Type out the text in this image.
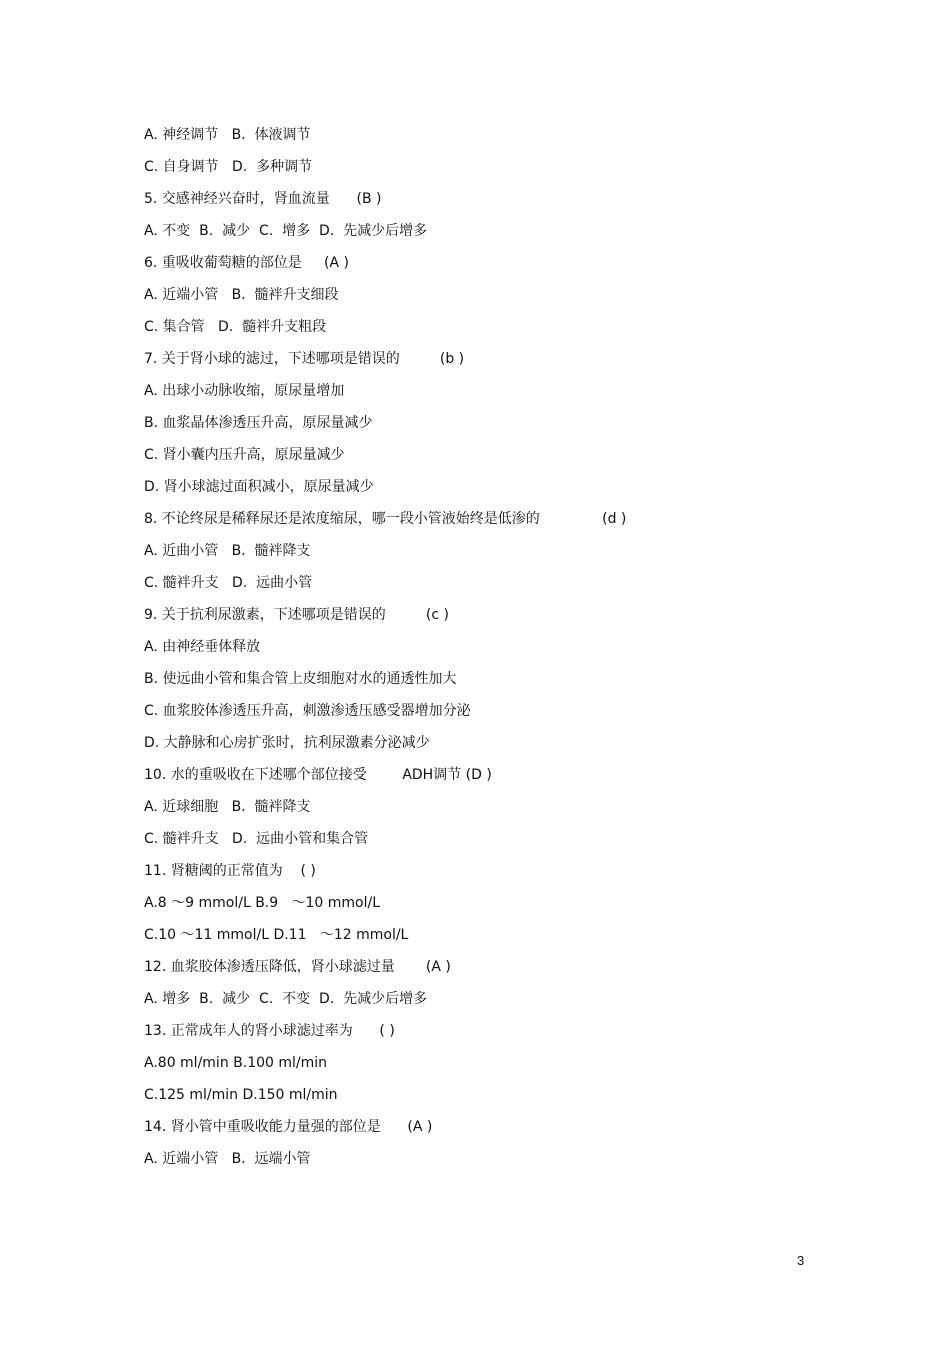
A. 神经调节   B.  体液调节
C. 自身调节   D.  多种调节
5. 交感神经兴奋时，肾血流量      (B )
A. 不变  B.  减少  C.  增多  D.  先减少后增多
6. 重吸收葡萄糖的部位是     (A )
A. 近端小管   B.  髓袢升支细段
C. 集合管   D.  髓袢升支粗段
7. 关于肾小球的滤过，下述哪项是错误的         (b )
A. 出球小动脉收缩，原尿量增加
B. 血浆晶体渗透压升高，原尿量减少
C. 肾小囊内压升高，原尿量减少
D. 肾小球滤过面积减小，原尿量减少
8. 不论终尿是稀释尿还是浓度缩尿，哪一段小管液始终是低渗的              (d )
A. 近曲小管   B.  髓袢降支
C. 髓袢升支   D.  远曲小管
9. 关于抗利尿激素，下述哪项是错误的         (c )
A. 由神经垂体释放
B. 使远曲小管和集合管上皮细胞对水的通透性加大
C. 血浆胶体渗透压升高，刺激渗透压感受器增加分泌
D. 大静脉和心房扩张时，抗利尿激素分泌减少
10. 水的重吸收在下述哪个部位接受        ADH调节 (D )
A. 近球细胞   B.  髓袢降支
C. 髓袢升支   D.  远曲小管和集合管
11. 肾糖阈的正常值为    ( )
A.8 ～9 mmol/L B.9   ～10 mmol/L
C.10 ～11 mmol/L D.11   ～12 mmol/L
12. 血浆胶体渗透压降低，肾小球滤过量       (A )
A. 增多  B.  减少  C.  不变  D.  先减少后增多
13. 正常成年人的肾小球滤过率为      ( )
A.80 ml/min B.100 ml/min
C.125 ml/min D.150 ml/min
14. 肾小管中重吸收能力量强的部位是      (A )
A. 近端小管   B.  远端小管
3
